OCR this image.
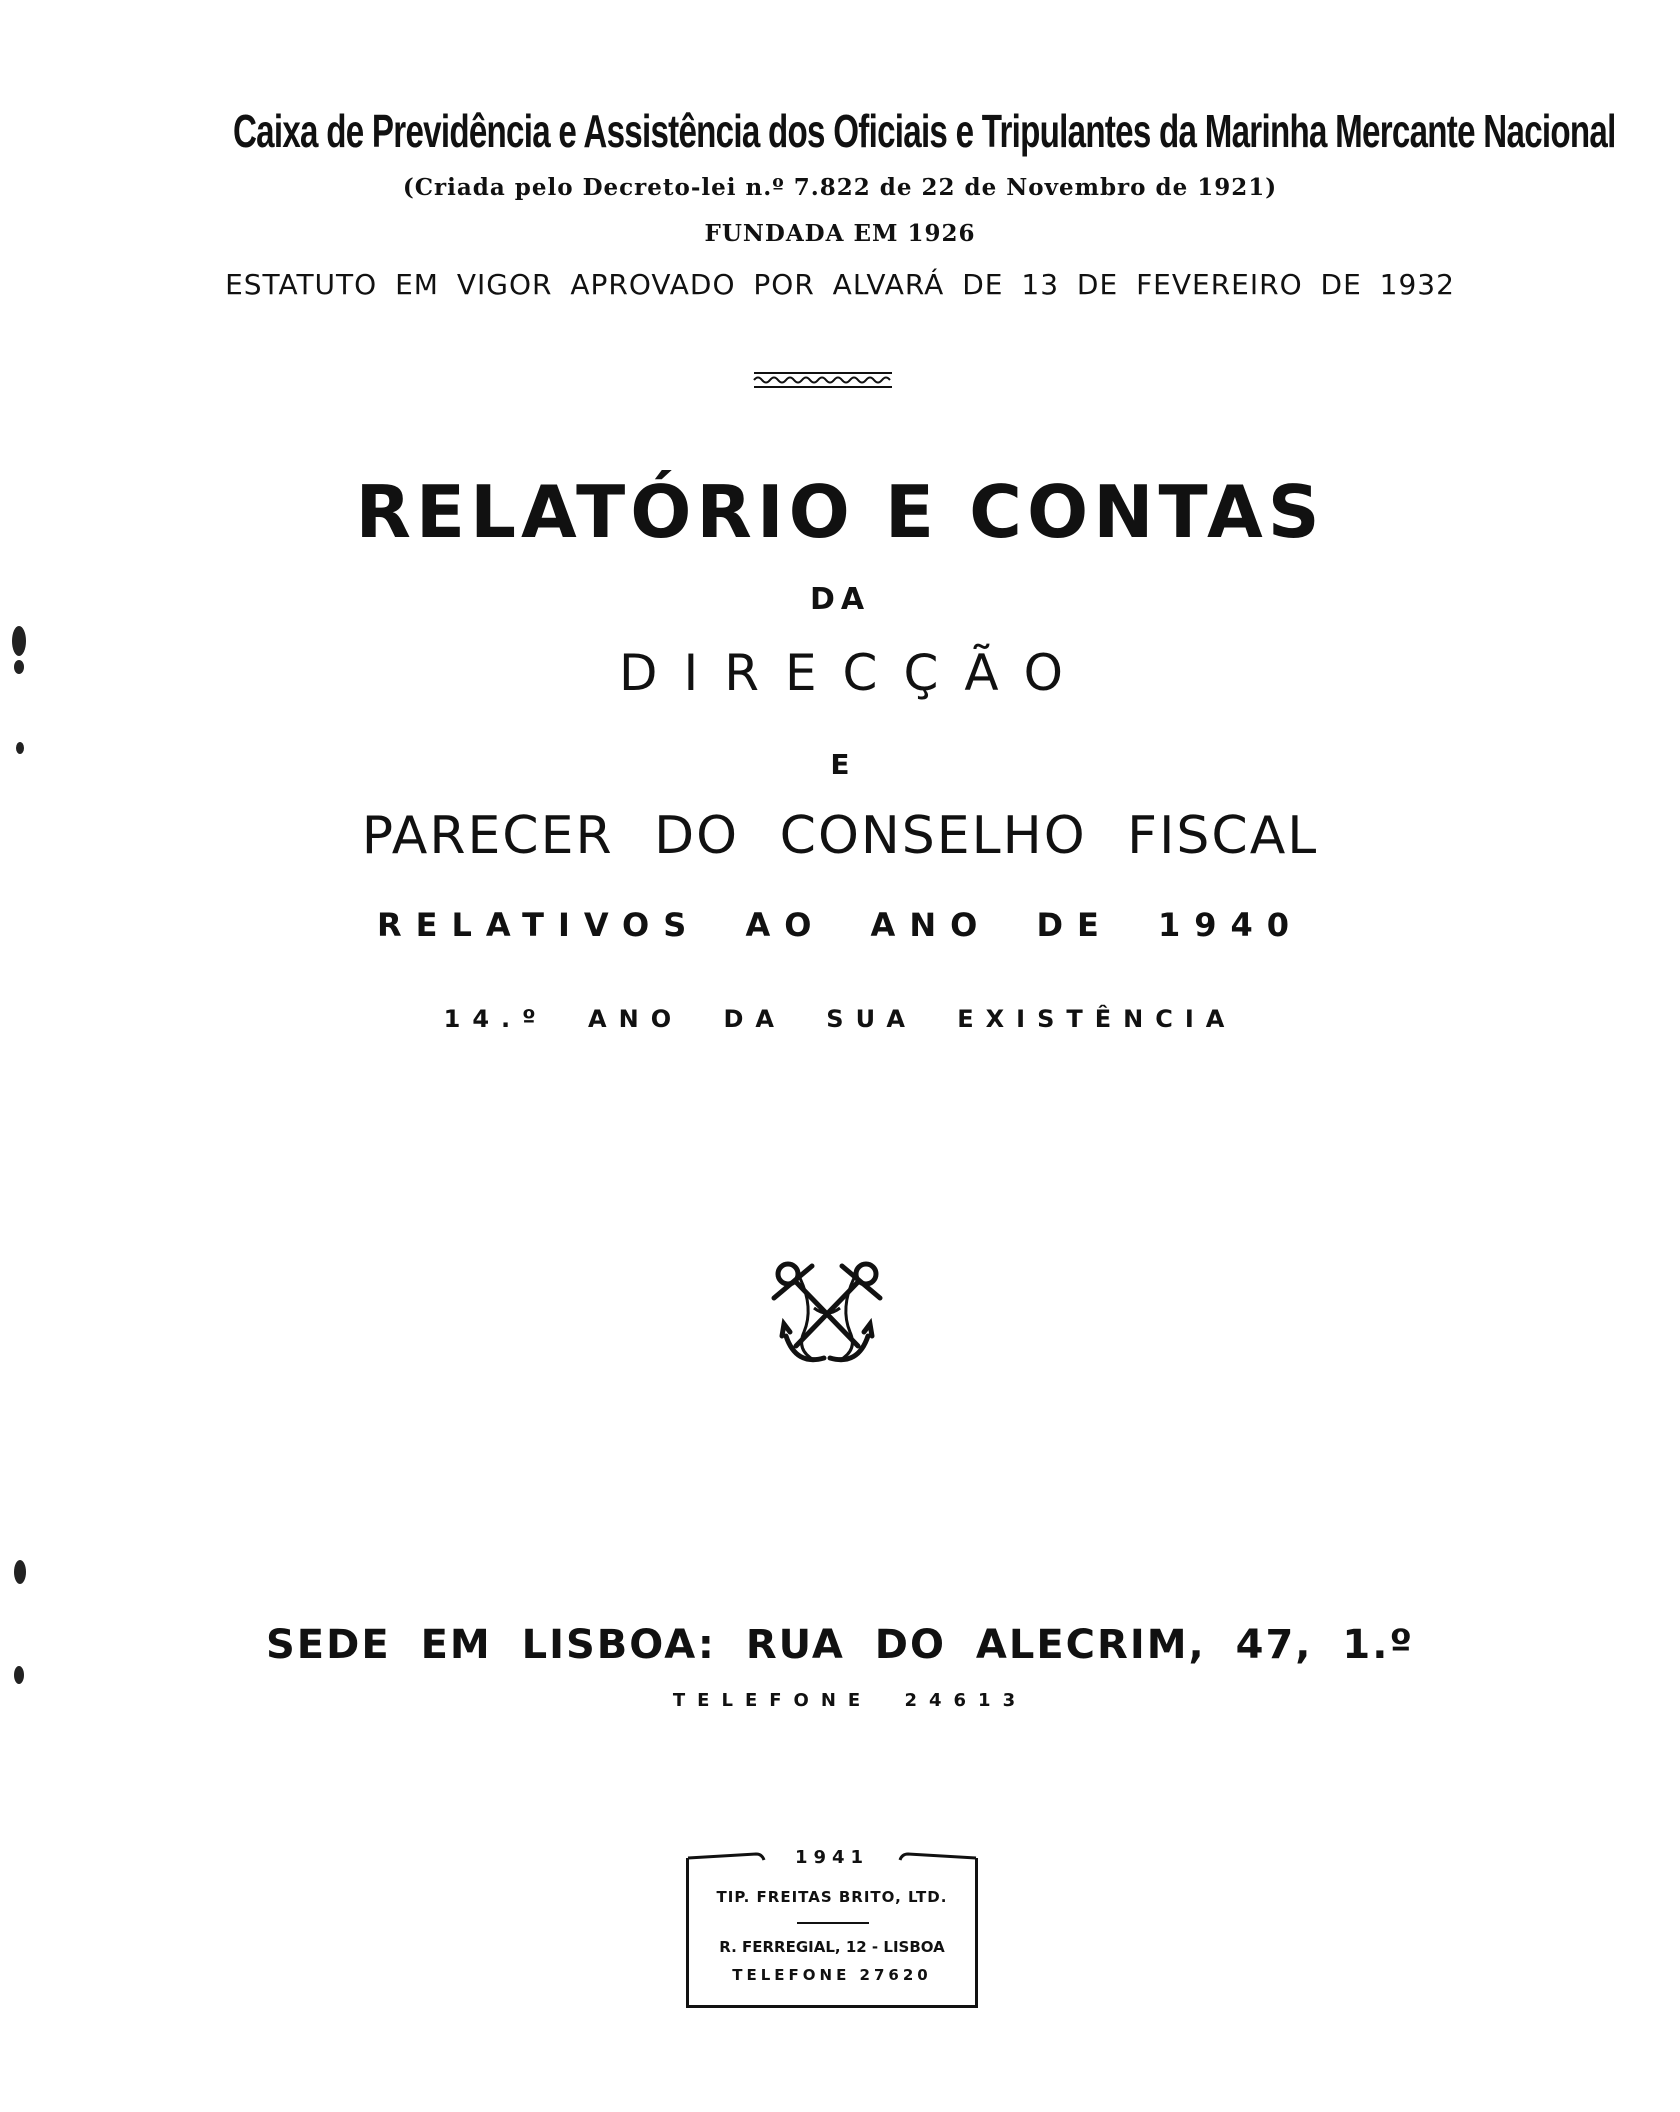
Caixa de Previdência e Assistência dos Oficiais e Tripulantes da Marinha Mercante Nacional

(Criada pelo Decreto-lei n.º 7.822 de 22 de Novembro de 1921)

FUNDADA EM 1926

ESTATUTO EM VIGOR APROVADO POR ALVARÁ DE 13 DE FEVEREIRO DE 1932

RELATÓRIO E CONTAS

DA

DIRECÇÃO

E

PARECER DO CONSELHO FISCAL

RELATIVOS AO ANO DE 1940

14.º ANO DA SUA EXISTÊNCIA

SEDE EM LISBOA: RUA DO ALECRIM, 47, 1.º

TELEFONE 24613

1941
TIP. FREITAS BRITO, LTD.
R. FERREGIAL, 12 - LISBOA
TELEFONE 27620
